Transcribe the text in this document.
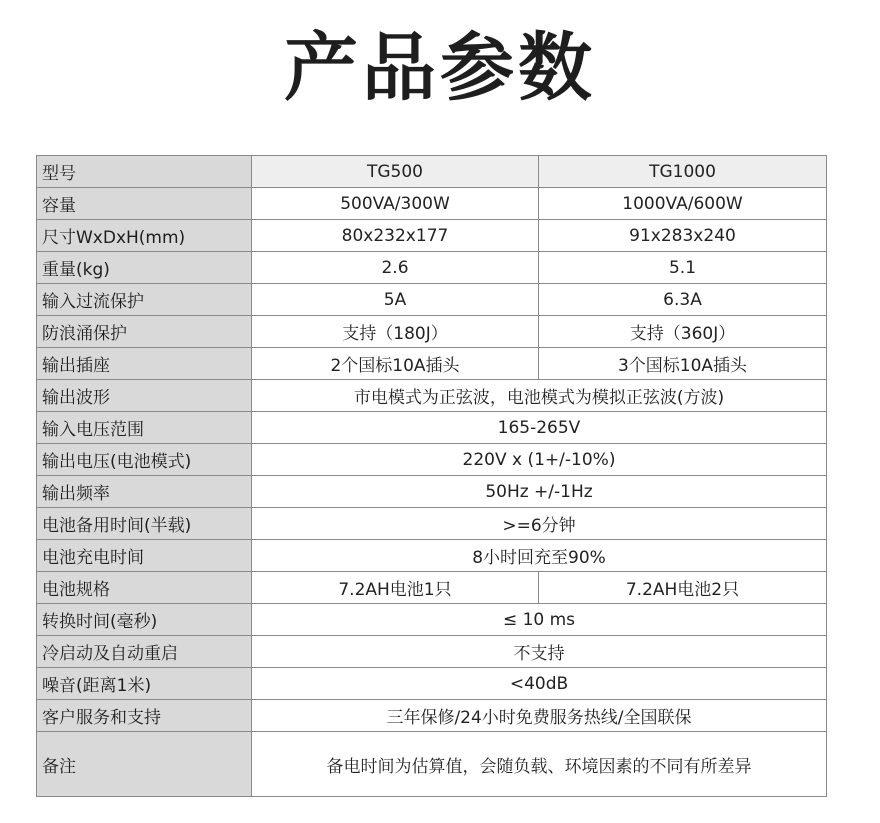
产品参数
型号	TG500	TG1000
容量	500VA/300W	1000VA/600W
尺寸WxDxH(mm)	80x232x177	91x283x240
重量(kg)	2.6	5.1
输入过流保护	5A	6.3A
防浪涌保护	支持（180J）	支持（360J）
输出插座	2个国标10A插头	3个国标10A插头
输出波形	市电模式为正弦波，电池模式为模拟正弦波(方波)	
输入电压范围	165-265V	
输出电压(电池模式)	220V x (1+/-10%)	
输出频率	50Hz +/-1Hz	
电池备用时间(半载)	>=6分钟	
电池充电时间	8小时回充至90%	
电池规格	7.2AH电池1只	7.2AH电池2只
转换时间(毫秒)	≤ 10 ms	
冷启动及自动重启	不支持	
噪音(距离1米)	<40dB	
客户服务和支持	三年保修/24小时免费服务热线/全国联保	
备注	备电时间为估算值，会随负载、环境因素的不同有所差异	
